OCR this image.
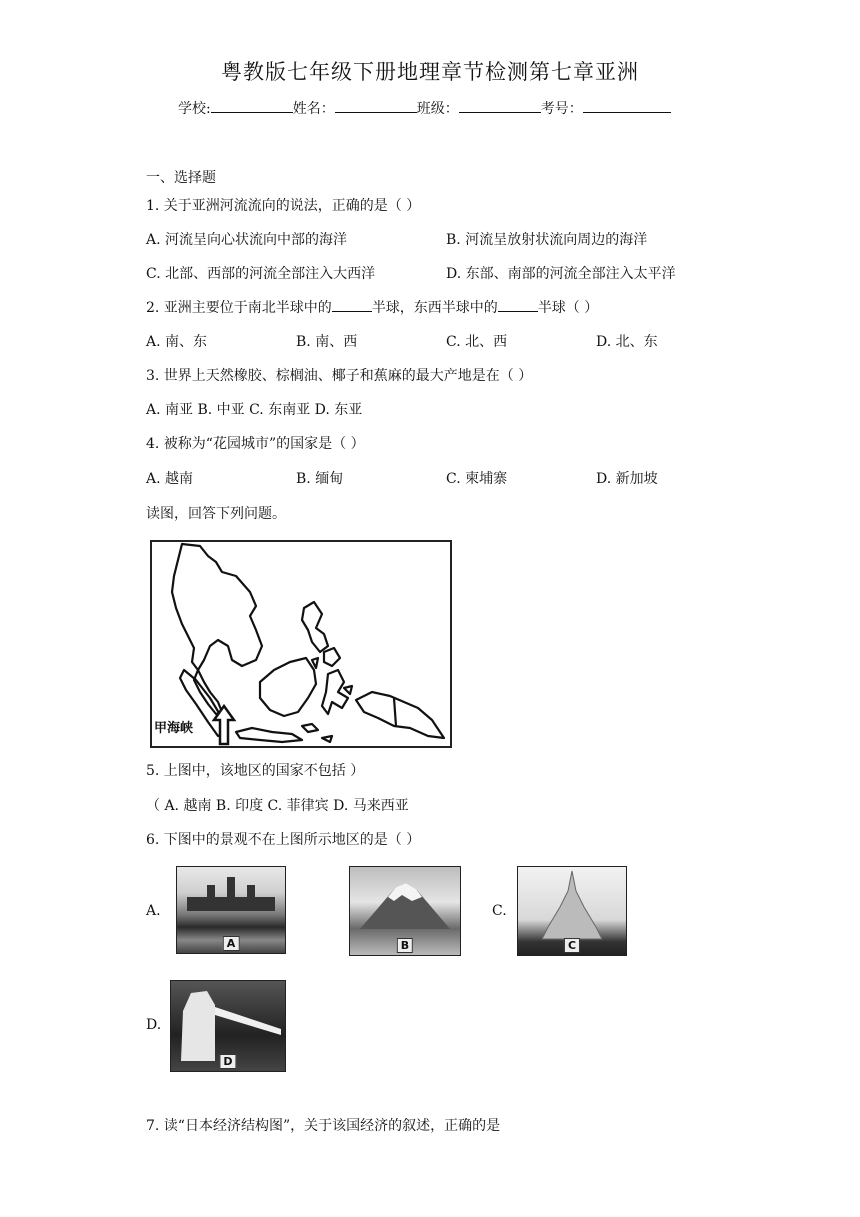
粤教版七年级下册地理章节检测第七章亚洲
学校:	姓名：	班级：	考号：
一、选择题
1. 关于亚洲河流流向的说法，正确的是（ ）
A. 河流呈向心状流向中部的海洋	B. 河流呈放射状流向周边的海洋
C. 北部、西部的河流全部注入大西洋	D. 东部、南部的河流全部注入太平洋
2. 亚洲主要位于南北半球中的	半球，东西半球中的	半球（ ）
A. 南、东	B. 南、西	C. 北、西	D. 北、东
3. 世界上天然橡胶、棕榈油、椰子和蕉麻的最大产地是在（ ）
A. 南亚 B. 中亚 C. 东南亚 D. 东亚
4. 被称为“花园城市”的国家是（ ）
A. 越南	B. 缅甸	C. 柬埔寨	D. 新加坡
读图，回答下列问题。
甲海峡
5. 上图中，该地区的国家不包括 ）
（ A. 越南 B. 印度 C. 菲律宾 D. 马来西亚
6. 下图中的景观不在上图所示地区的是（ ）
A.
A	B
C.
C
D.
D
7. 读“日本经济结构图”，关于该国经济的叙述，正确的是
